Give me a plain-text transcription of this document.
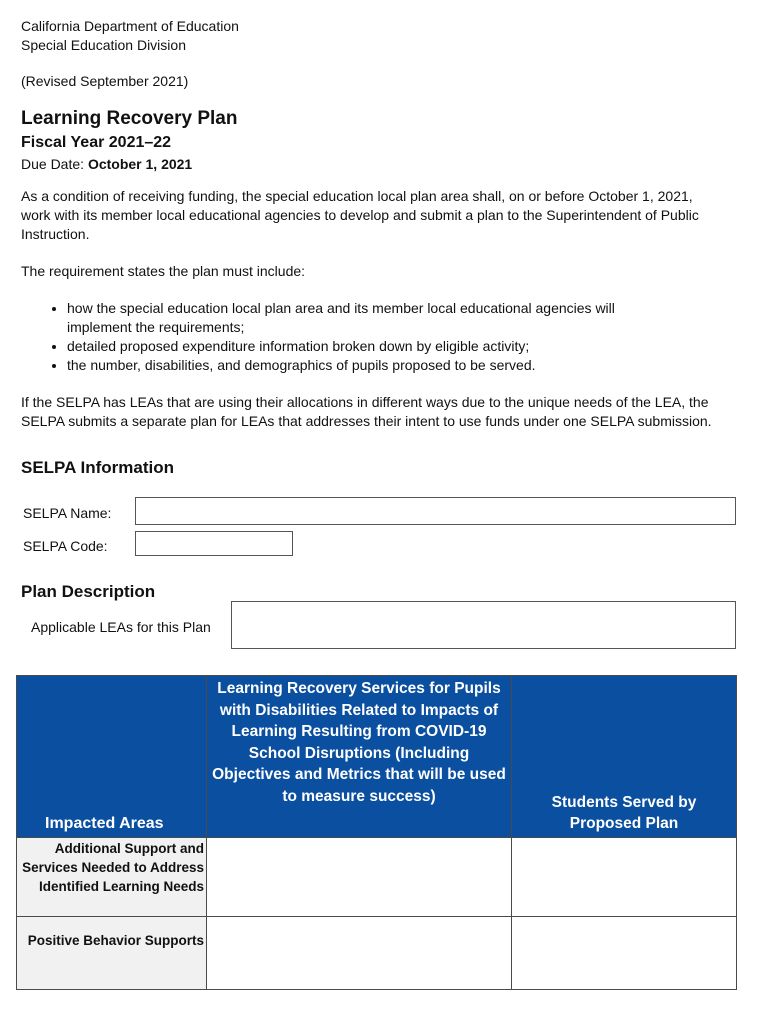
California Department of Education
Special Education Division
(Revised September 2021)
Learning Recovery Plan
Fiscal Year 2021–22
Due Date: October 1, 2021
As a condition of receiving funding, the special education local plan area shall, on or before October 1, 2021, work with its member local educational agencies to develop and submit a plan to the Superintendent of Public Instruction.
The requirement states the plan must include:
• how the special education local plan area and its member local educational agencies will implement the requirements;
• detailed proposed expenditure information broken down by eligible activity;
• the number, disabilities, and demographics of pupils proposed to be served.
If the SELPA has LEAs that are using their allocations in different ways due to the unique needs of the LEA, the SELPA submits a separate plan for LEAs that addresses their intent to use funds under one SELPA submission.
SELPA Information
SELPA Name:
SELPA Code:
Plan Description
Applicable LEAs for this Plan
Impacted Areas	Learning Recovery Services for Pupils with Disabilities Related to Impacts of Learning Resulting from COVID-19 School Disruptions (Including Objectives and Metrics that will be used to measure success)	Students Served by Proposed Plan
Additional Support and Services Needed to Address Identified Learning Needs		
Positive Behavior Supports		
